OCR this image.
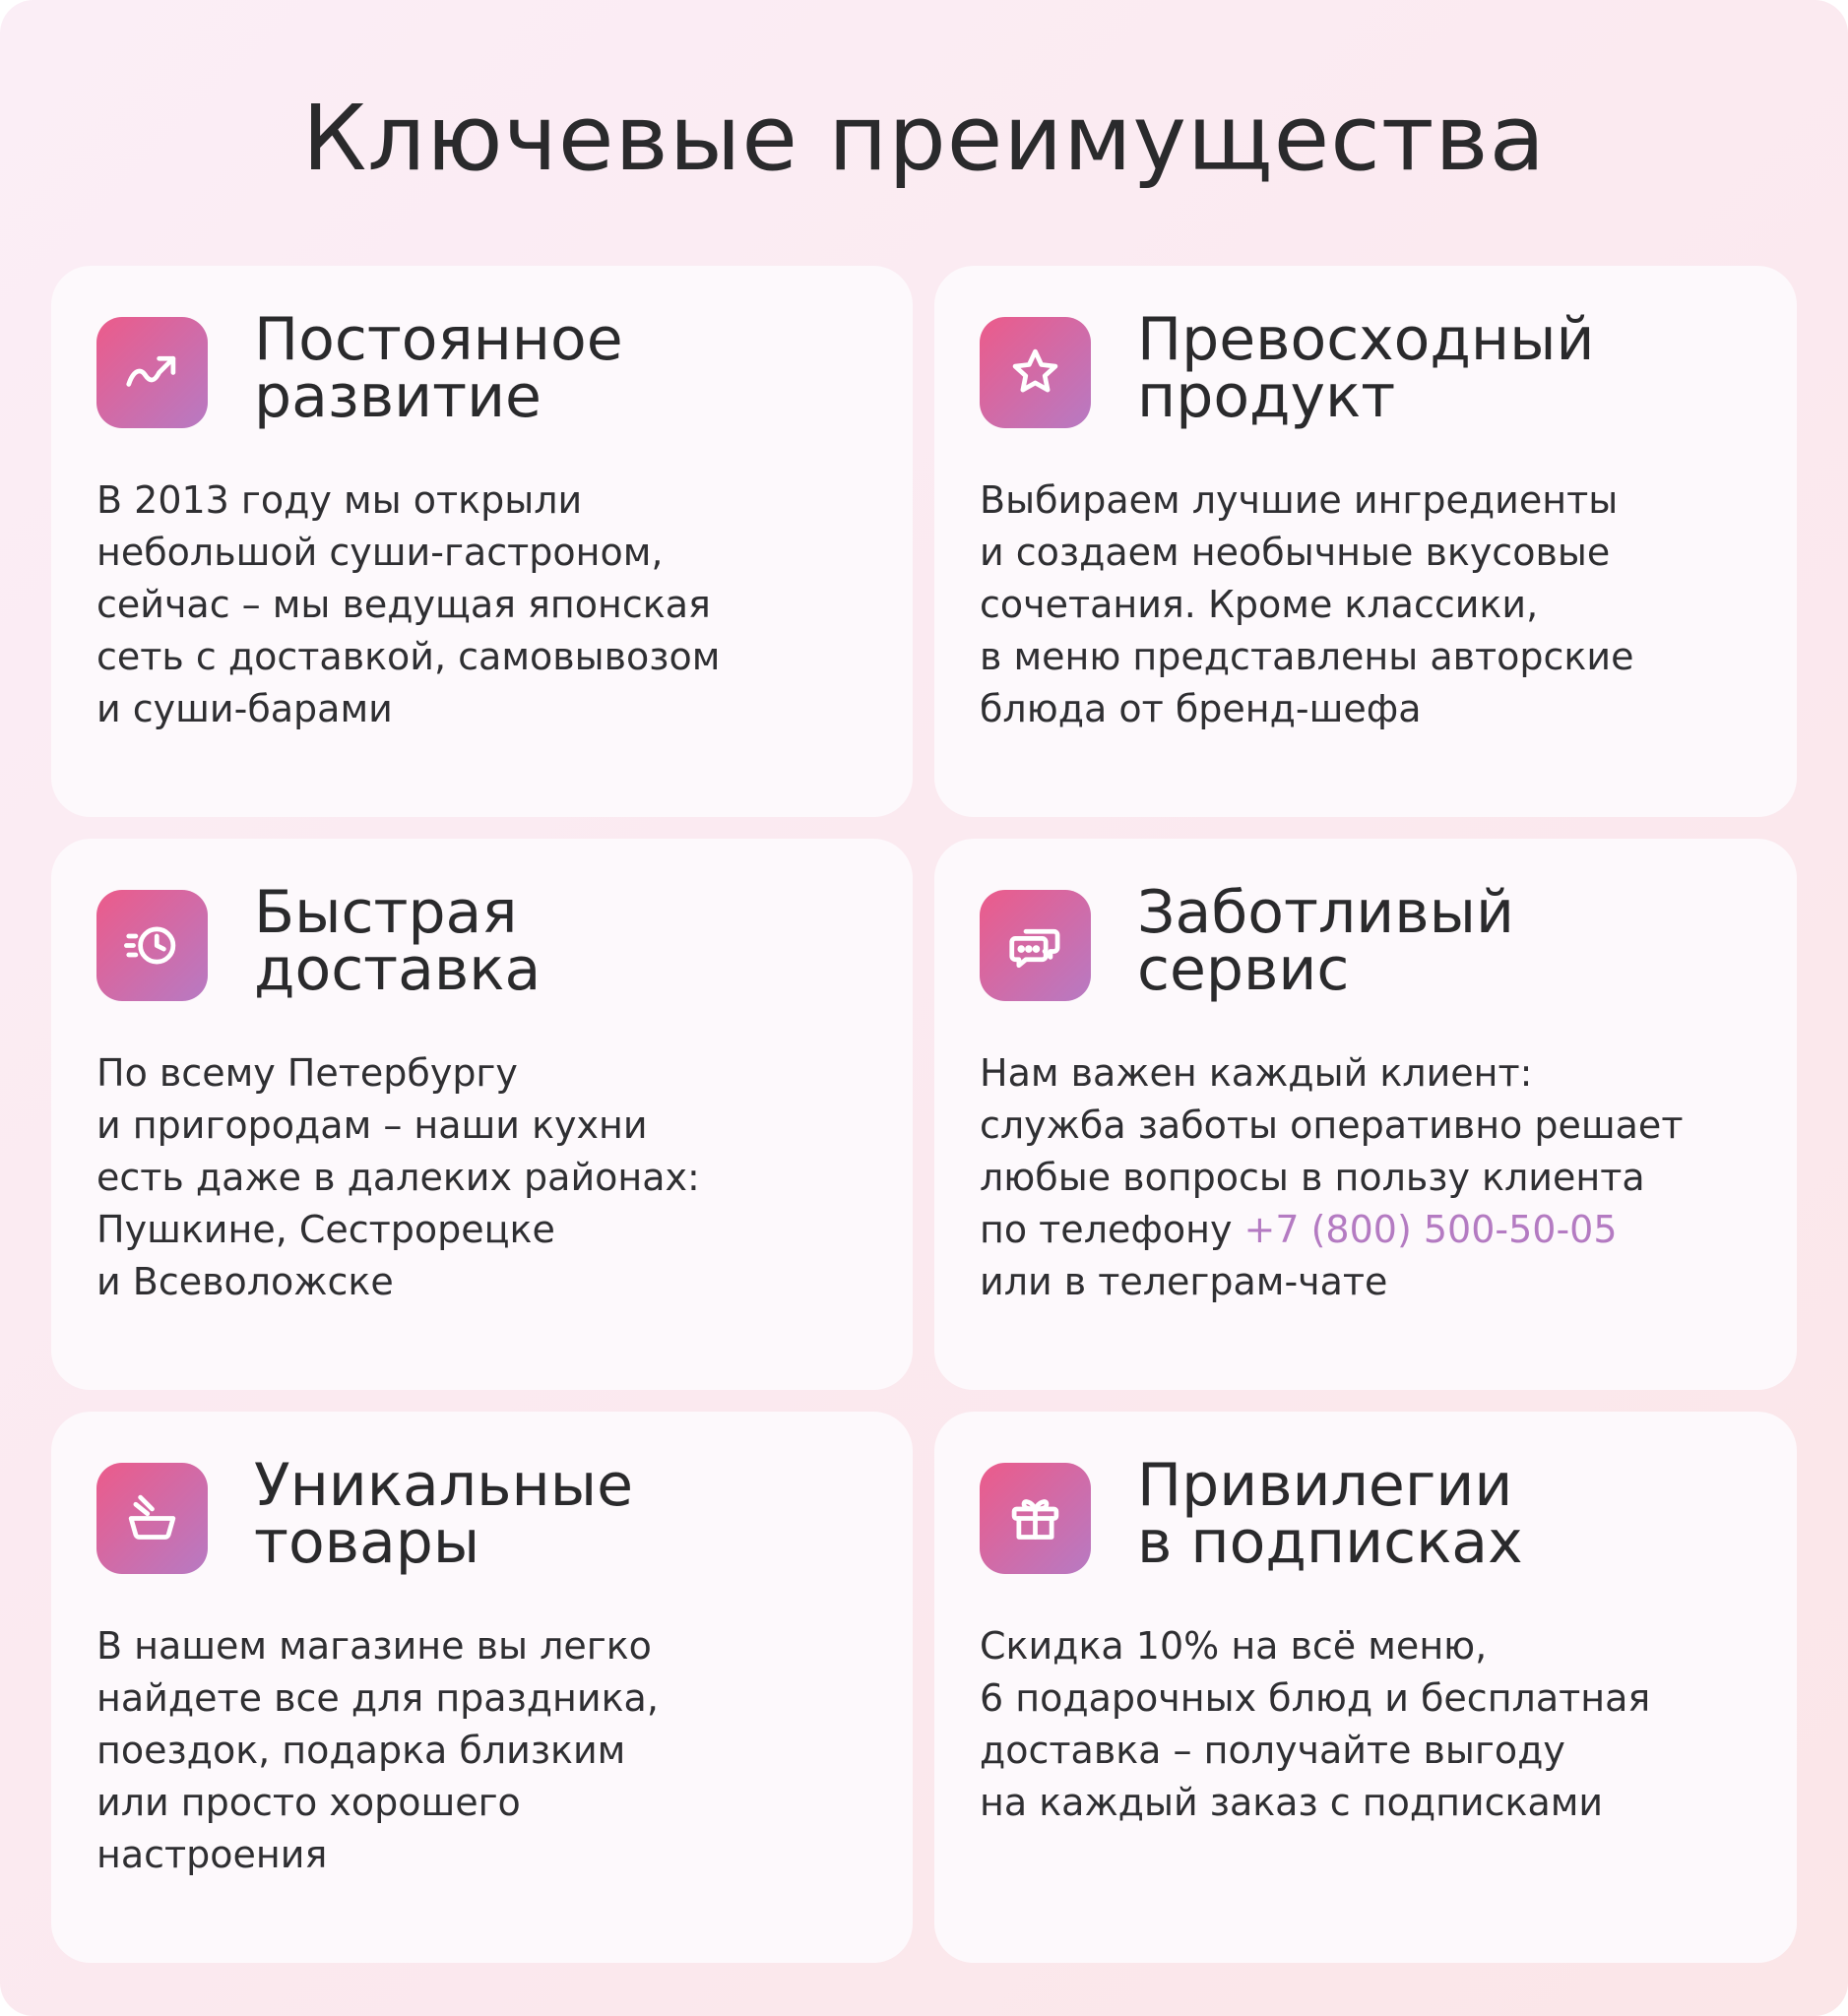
Ключевые преимущества
Постоянное
развитие
В 2013 году мы открыли
небольшой суши-гастроном,
сейчас – мы ведущая японская
сеть с доставкой, самовывозом
и суши-барами
Превосходный
продукт
Выбираем лучшие ингредиенты
и создаем необычные вкусовые
сочетания. Кроме классики,
в меню представлены авторские
блюда от бренд-шефа
Быстрая
доставка
По всему Петербургу
и пригородам – наши кухни
есть даже в далеких районах:
Пушкине, Сестрорецке
и Всеволожске
Заботливый
сервис
Нам важен каждый клиент:
служба заботы оперативно решает
любые вопросы в пользу клиента
по телефону +7 (800) 500-50-05
или в телеграм-чате
Уникальные
товары
В нашем магазине вы легко
найдете все для праздника,
поездок, подарка близким
или просто хорошего
настроения
Привилегии
в подписках
Скидка 10% на всё меню,
6 подарочных блюд и бесплатная
доставка – получайте выгоду
на каждый заказ с подписками
